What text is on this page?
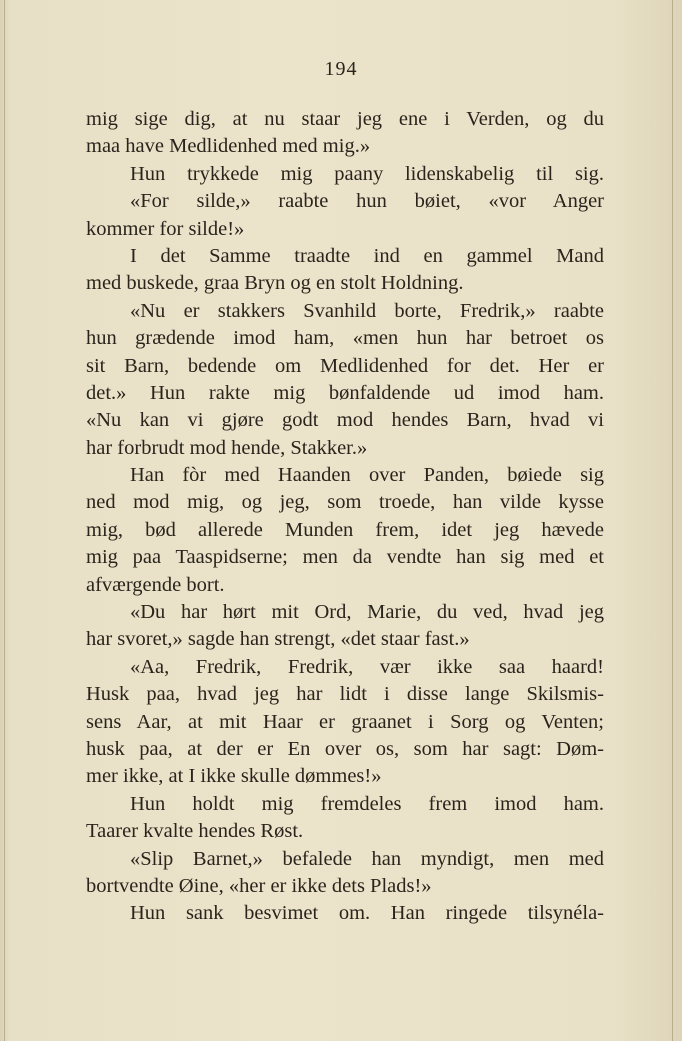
194
mig sige dig, at nu staar jeg ene i Verden, og du
maa have Medlidenhed med mig.»
Hun trykkede mig paany lidenskabelig til sig.
«For silde,» raabte hun bøiet, «vor Anger
kommer for silde!»
I det Samme traadte ind en gammel Mand
med buskede, graa Bryn og en stolt Holdning.
«Nu er stakkers Svanhild borte, Fredrik,» raabte
hun grædende imod ham, «men hun har betroet os
sit Barn, bedende om Medlidenhed for det. Her er
det.» Hun rakte mig bønfaldende ud imod ham.
«Nu kan vi gjøre godt mod hendes Barn, hvad vi
har forbrudt mod hende, Stakker.»
Han fòr med Haanden over Panden, bøiede sig
ned mod mig, og jeg, som troede, han vilde kysse
mig, bød allerede Munden frem, idet jeg hævede
mig paa Taaspidserne; men da vendte han sig med et
afværgende bort.
«Du har hørt mit Ord, Marie, du ved, hvad jeg
har svoret,» sagde han strengt, «det staar fast.»
«Aa, Fredrik, Fredrik, vær ikke saa haard!
Husk paa, hvad jeg har lidt i disse lange Skilsmis-
sens Aar, at mit Haar er graanet i Sorg og Venten;
husk paa, at der er En over os, som har sagt: Døm-
mer ikke, at I ikke skulle dømmes!»
Hun holdt mig fremdeles frem imod ham.
Taarer kvalte hendes Røst.
«Slip Barnet,» befalede han myndigt, men med
bortvendte Øine, «her er ikke dets Plads!»
Hun sank besvimet om. Han ringede tilsynéla-
